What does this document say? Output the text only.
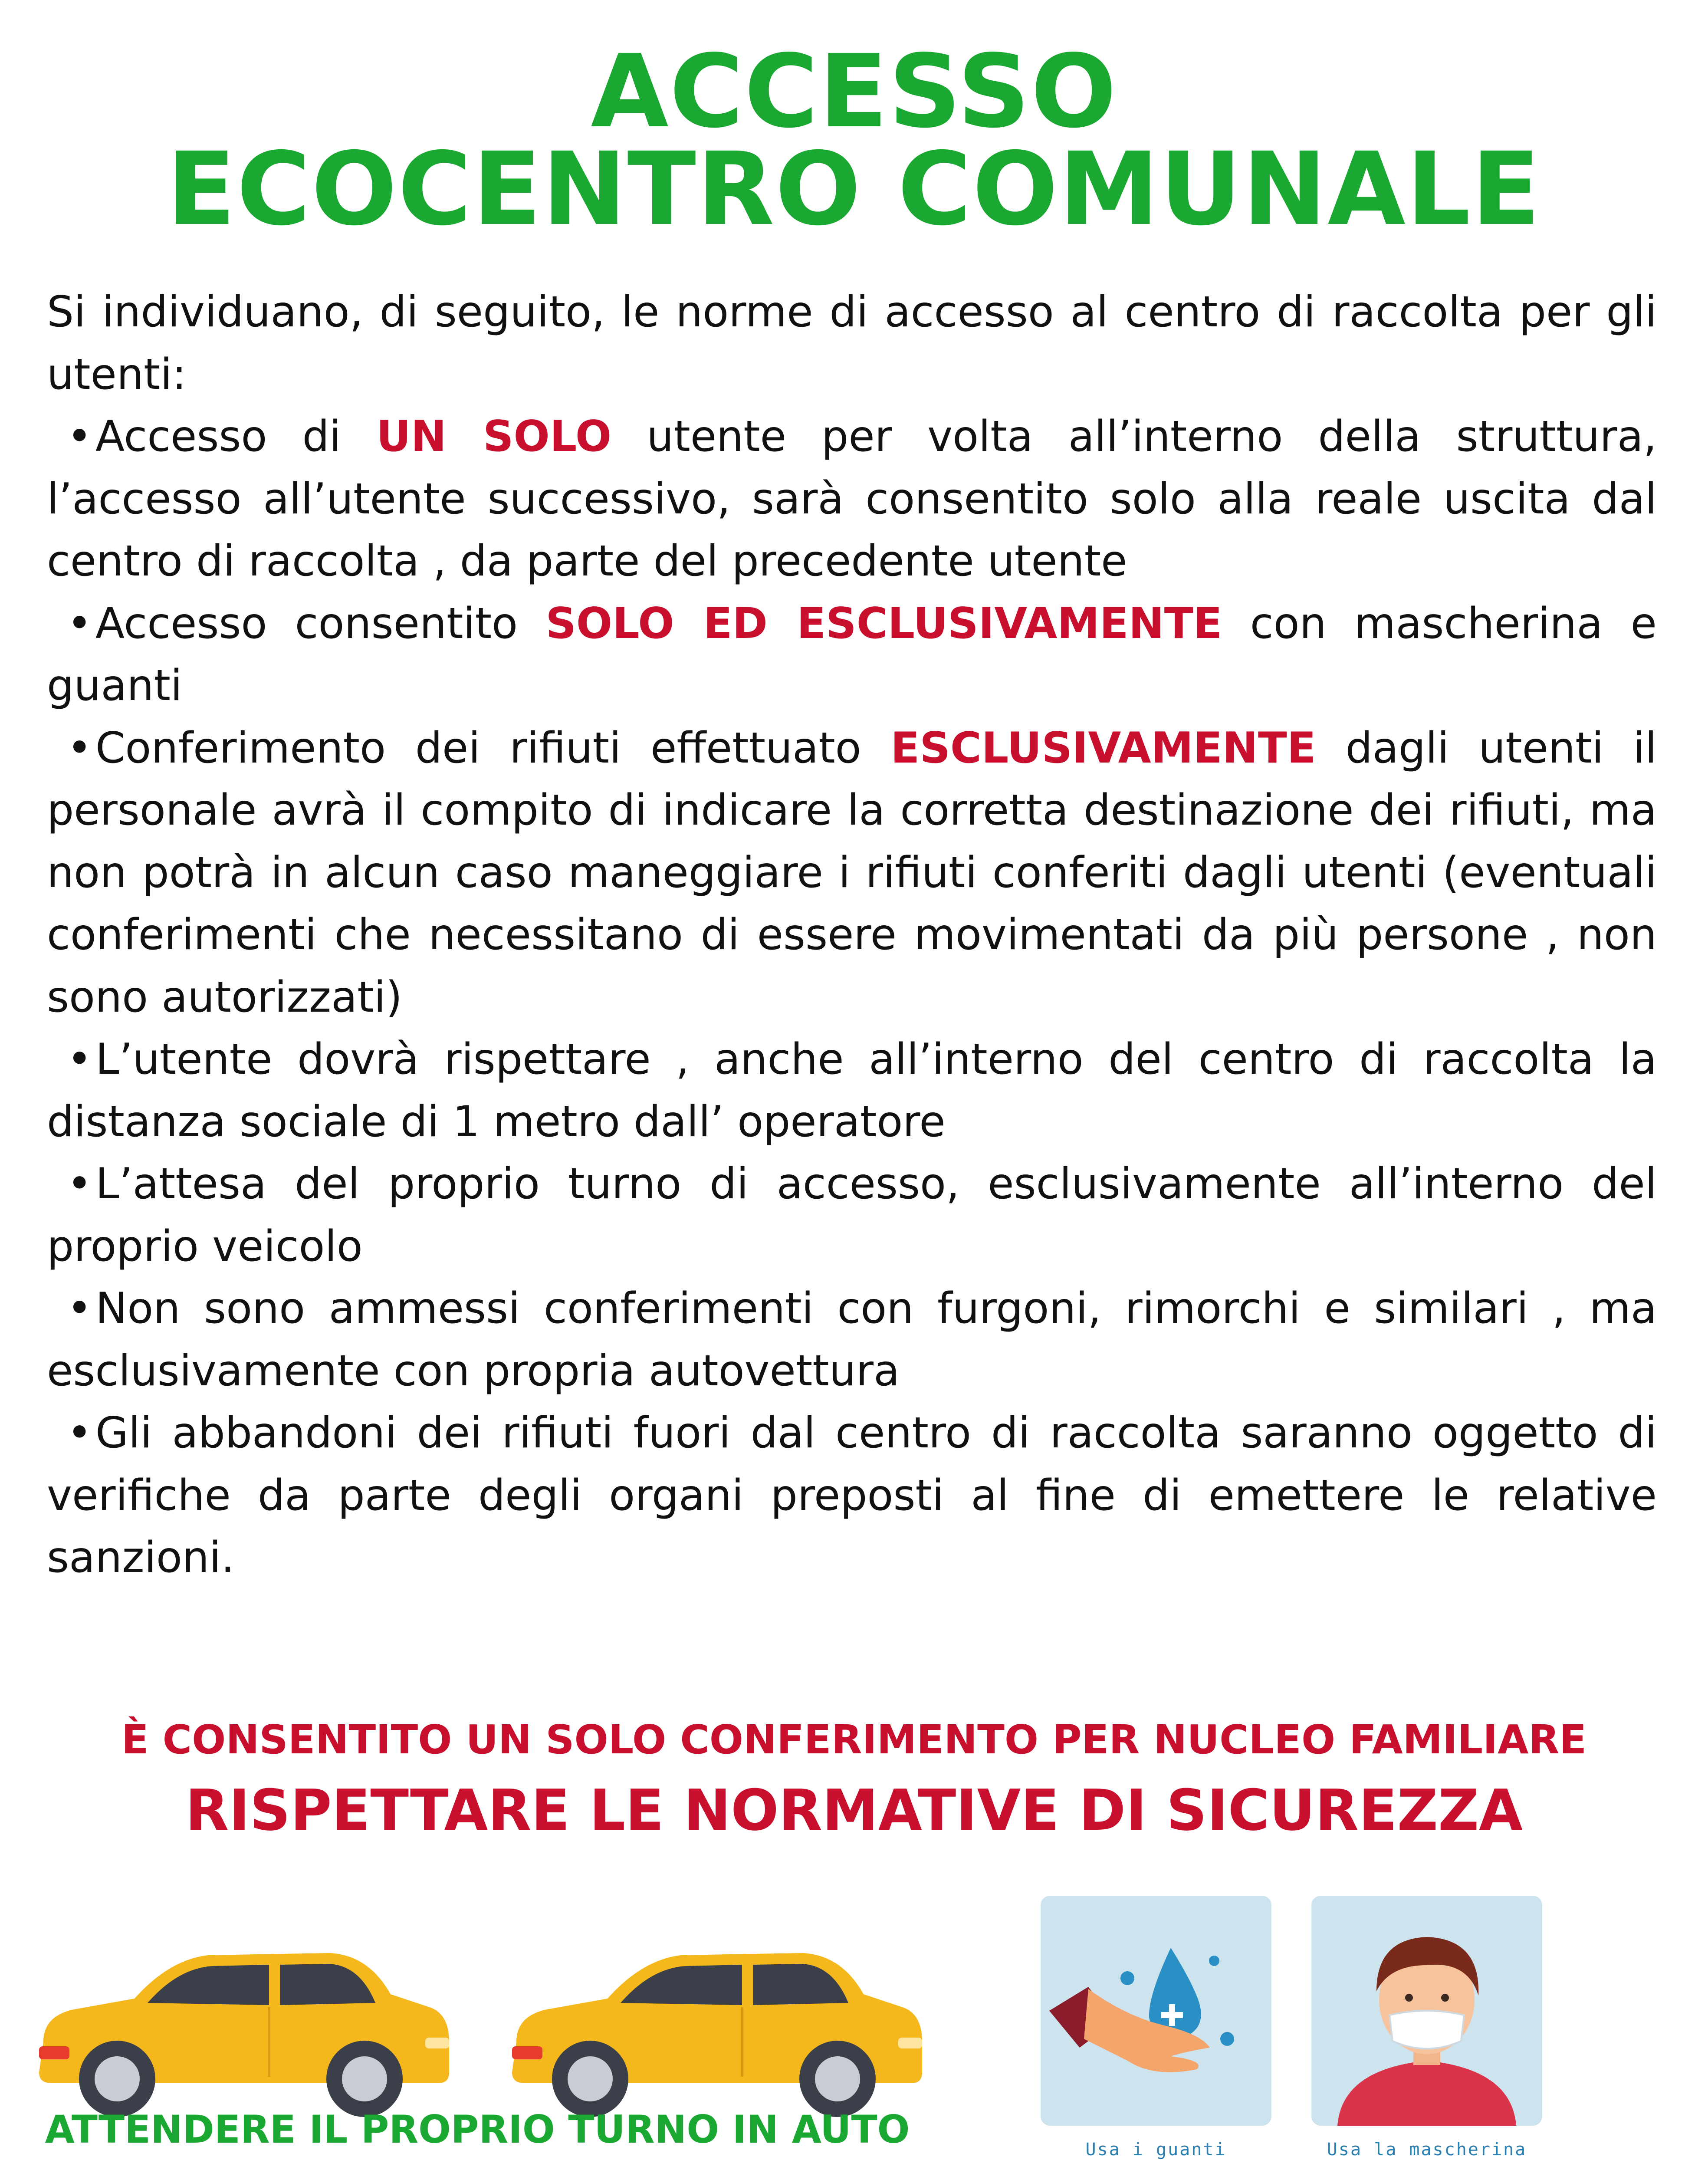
ACCESSO
ECOCENTRO COMUNALE

Si individuano, di seguito, le norme di accesso al centro di raccolta per gli utenti:

•Accesso di UN SOLO utente per volta all’interno della struttura, l’accesso all’utente successivo, sarà consentito solo alla reale uscita dal centro di raccolta , da parte del precedente utente

•Accesso consentito SOLO ED ESCLUSIVAMENTE con mascherina e guanti

•Conferimento dei rifiuti effettuato ESCLUSIVAMENTE dagli utenti il personale avrà il compito di indicare la corretta destinazione dei rifiuti, ma non potrà in alcun caso maneggiare i rifiuti conferiti dagli utenti (eventuali conferimenti che necessitano di essere movimentati da più persone , non sono autorizzati)

•L’utente dovrà rispettare , anche all’interno del centro di raccolta la distanza sociale di 1 metro dall’ operatore

•L’attesa del proprio turno di accesso, esclusivamente all’interno del proprio veicolo

•Non sono ammessi conferimenti con furgoni, rimorchi e similari , ma esclusivamente con propria autovettura

•Gli abbandoni dei rifiuti fuori dal centro di raccolta saranno oggetto di verifiche da parte degli organi preposti al fine di emettere le relative sanzioni.

È CONSENTITO UN SOLO CONFERIMENTO PER NUCLEO FAMILIARE
RISPETTARE LE NORMATIVE DI SICUREZZA
ATTENDERE IL PROPRIO TURNO IN AUTO	Usa i guanti	Usa la mascherina
